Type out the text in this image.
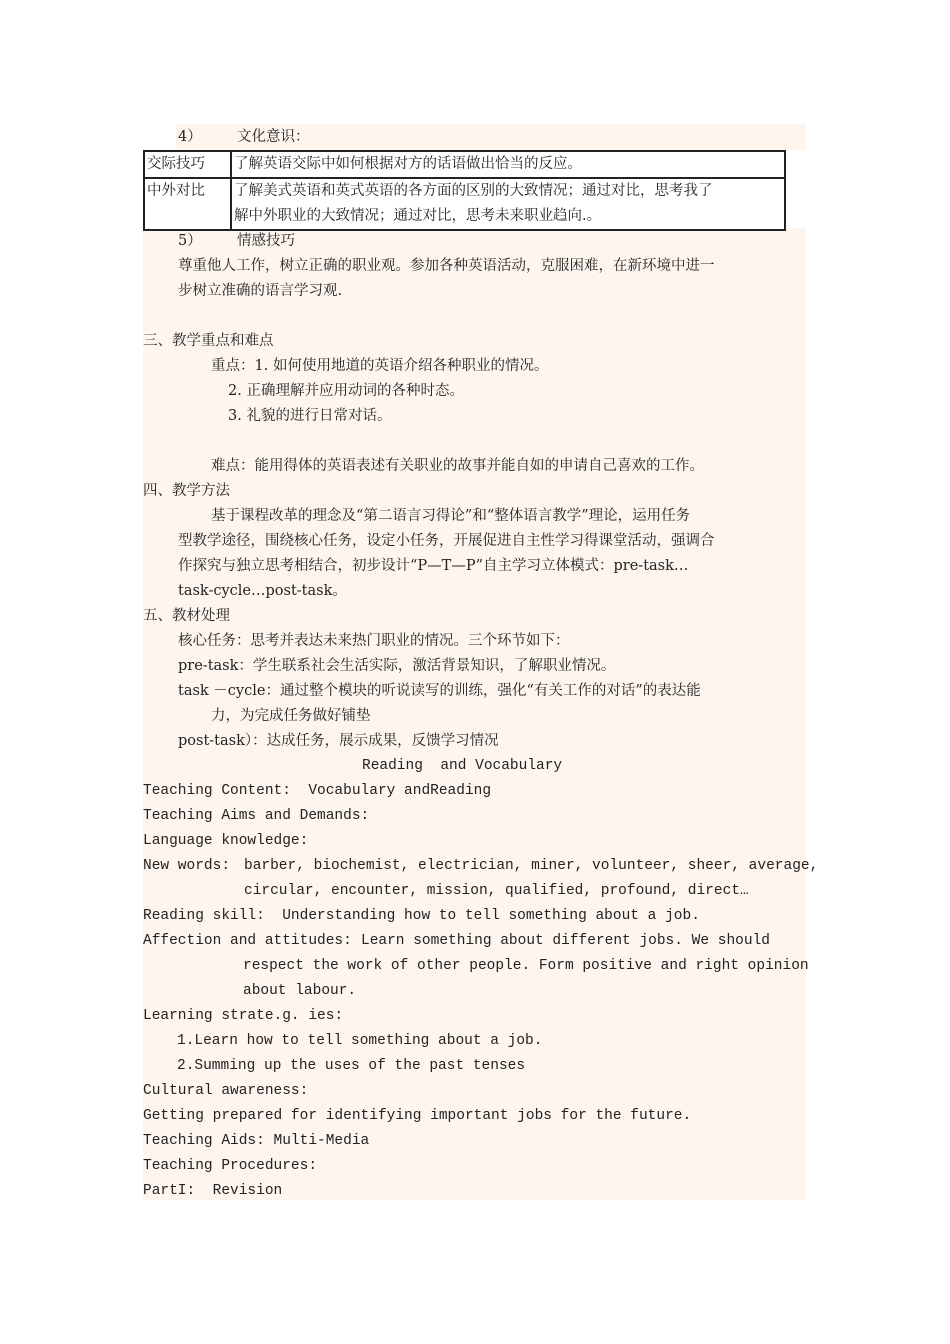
4） 文化意识：
交际技巧	了解英语交际中如何根据对方的话语做出恰当的反应。
中外对比	了解美式英语和英式英语的各方面的区别的大致情况；通过对比，思考我了
解中外职业的大致情况；通过对比，思考未来职业趋向.。
5） 情感技巧
尊重他人工作，树立正确的职业观。参加各种英语活动，克服困难，在新环境中进一
步树立准确的语言学习观.
三、教学重点和难点
重点：1. 如何使用地道的英语介绍各种职业的情况。
2. 正确理解并应用动词的各种时态。
3. 礼貌的进行日常对话。
难点：能用得体的英语表述有关职业的故事并能自如的申请自己喜欢的工作。
四、教学方法
基于课程改革的理念及“第二语言习得论”和“整体语言教学”理论，运用任务
型教学途径，围绕核心任务，设定小任务，开展促进自主性学习得课堂活动，强调合
作探究与独立思考相结合，初步设计“P—T—P”自主学习立体模式：pre-task…
task-cycle…post-task。
五、教材处理
核心任务：思考并表达未来热门职业的情况。三个环节如下：
pre-task：学生联系社会生活实际，激活背景知识，了解职业情况。
task －cycle：通过整个模块的听说读写的训练，强化“有关工作的对话”的表达能
力，为完成任务做好铺垫
post-task）：达成任务，展示成果，反馈学习情况
Reading  and Vocabulary
Teaching Content:  Vocabulary andReading
Teaching Aims and Demands:
Language knowledge:
New words: barber, biochemist, electrician, miner, volunteer, sheer, average,
circular, encounter, mission, qualified, profound, direct…
Reading skill:  Understanding how to tell something about a job.
Affection and attitudes: Learn something about different jobs. We should
respect the work of other people. Form positive and right opinion
about labour.
Learning strate.g. ies:
1.Learn how to tell something about a job.
2.Summing up the uses of the past tenses
Cultural awareness:
Getting prepared for identifying important jobs for the future.
Teaching Aids: Multi-Media
Teaching Procedures:
PartI:  Revision
